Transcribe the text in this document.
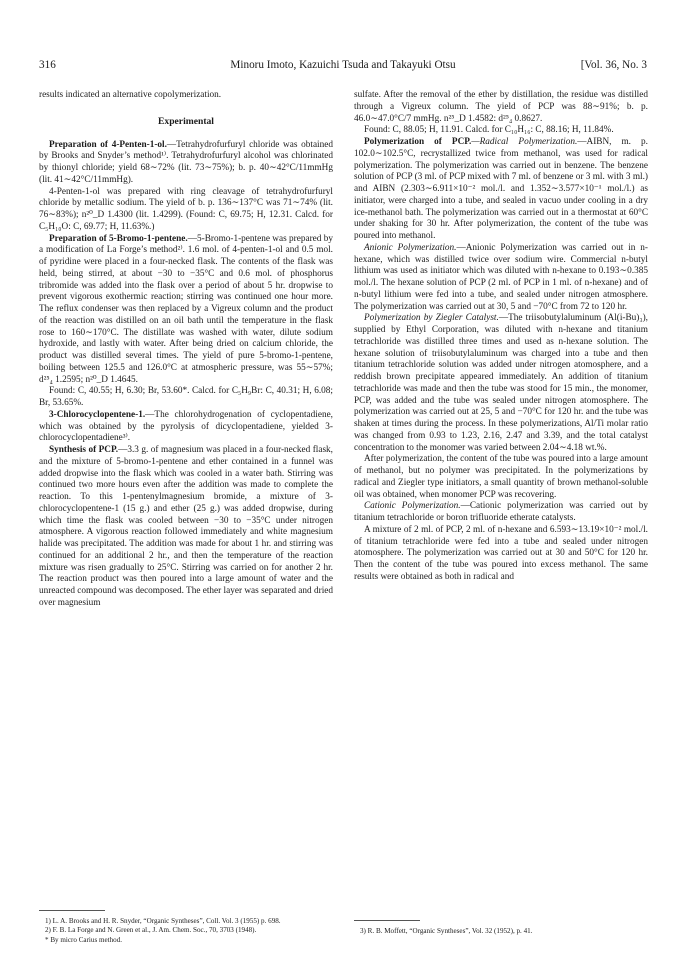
316	Minoru Imoto, Kazuichi Tsuda and Takayuki Otsu	[Vol. 36, No. 3

results indicated an alternative copolymerization.

Experimental

Preparation of 4-Penten-1-ol.—Tetrahydrofurfuryl chloride was obtained by Brooks and Snyder’s method¹⁾. Tetrahydrofurfuryl alcohol was chlorinated by thionyl chloride; yield 68∼72% (lit. 73∼75%); b. p. 40∼42°C/11mmHg (lit. 41∼42°C/11mmHg).

4-Penten-1-ol was prepared with ring cleavage of tetrahydrofurfuryl chloride by metallic sodium. The yield of b. p. 136∼137°C was 71∼74% (lit. 76∼83%); n²⁰_D 1.4300 (lit. 1.4299). (Found: C, 69.75; H, 12.31. Calcd. for C₅H₁₀O: C, 69.77; H, 11.63%.)

Preparation of 5-Bromo-1-pentene.—5-Bromo-1-pentene was prepared by a modification of La Forge’s method²⁾. 1.6 mol. of 4-penten-1-ol and 0.5 mol. of pyridine were placed in a four-necked flask. The contents of the flask was held, being stirred, at about −30 to −35°C and 0.6 mol. of phosphorus tribromide was added into the flask over a period of about 5 hr. dropwise to prevent vigorous exothermic reaction; stirring was continued one hour more. The reflux condenser was then replaced by a Vigreux column and the product of the reaction was distilled on an oil bath until the temperature in the flask rose to 160∼170°C. The distillate was washed with water, dilute sodium hydroxide, and lastly with water. After being dried on calcium chloride, the product was distilled several times. The yield of pure 5-bromo-1-pentene, boiling between 125.5 and 126.0°C at atmospheric pressure, was 55∼57%; d²⁵₄ 1.2595; n²⁰_D 1.4645.

Found: C, 40.55; H, 6.30; Br, 53.60*. Calcd. for C₅H₉Br: C, 40.31; H, 6.08; Br, 53.65%.

3-Chlorocyclopentene-1.—The chlorohydrogenation of cyclopentadiene, which was obtained by the pyrolysis of dicyclopentadiene, yielded 3-chlorocyclopentadiene³⁾.

Synthesis of PCP.—3.3 g. of magnesium was placed in a four-necked flask, and the mixture of 5-bromo-1-pentene and ether contained in a funnel was added dropwise into the flask which was cooled in a water bath. Stirring was continued two more hours even after the addition was made to complete the reaction. To this 1-pentenylmagnesium bromide, a mixture of 3-chlorocyclopentene-1 (15 g.) and ether (25 g.) was added dropwise, during which time the flask was cooled between −30 to −35°C under nitrogen atmosphere. A vigorous reaction followed immediately and white magnesium halide was precipitated. The addition was made for about 1 hr. and stirring was continued for an additional 2 hr., and then the temperature of the reaction mixture was risen gradually to 25°C. Stirring was carried on for another 2 hr. The reaction product was then poured into a large amount of water and the unreacted compound was decomposed. The ether layer was separated and dried over magnesium

1) L. A. Brooks and H. R. Snyder, “Organic Syntheses”, Coll. Vol. 3 (1955) p. 698.
2) F. B. La Forge and N. Green et al., J. Am. Chem. Soc., 70, 3703 (1948).
* By micro Carius method.

sulfate. After the removal of the ether by distillation, the residue was distilled through a Vigreux column. The yield of PCP was 88∼91%; b. p. 46.0∼47.0°C/7 mmHg. n²⁵_D 1.4582: d²⁵₄ 0.8627.

Found: C, 88.05; H, 11.91. Calcd. for C₁₀H₁₆: C, 88.16; H, 11.84%.

Polymerization of PCP.—Radical Polymerization.—AIBN, m. p. 102.0∼102.5°C, recrystallized twice from methanol, was used for radical polymerization. The polymerization was carried out in benzene. The benzene solution of PCP (3 ml. of PCP mixed with 7 ml. of benzene or 3 ml. with 3 ml.) and AIBN (2.303∼6.911×10⁻² mol./l. and 1.352∼3.577×10⁻¹ mol./l.) as initiator, were charged into a tube, and sealed in vacuo under cooling in a dry ice-methanol bath. The polymerization was carried out in a thermostat at 60°C under shaking for 30 hr. After polymerization, the content of the tube was poured into methanol.

Anionic Polymerization.—Anionic Polymerization was carried out in n-hexane, which was distilled twice over sodium wire. Commercial n-butyl lithium was used as initiator which was diluted with n-hexane to 0.193∼0.385 mol./l. The hexane solution of PCP (2 ml. of PCP in 1 ml. of n-hexane) and of n-butyl lithium were fed into a tube, and sealed under nitrogen atmosphere. The polymerization was carried out at 30, 5 and −70°C from 72 to 120 hr.

Polymerization by Ziegler Catalyst.—The triisobutylaluminum (Al(i-Bu)₃), supplied by Ethyl Corporation, was diluted with n-hexane and titanium tetrachloride was distilled three times and used as n-hexane solution. The hexane solution of triisobutylaluminum was charged into a tube and then titanium tetrachloride solution was added under nitrogen atomosphere, and a reddish brown precipitate appeared immediately. An addition of titanium tetrachloride was made and then the tube was stood for 15 min., the monomer, PCP, was added and the tube was sealed under nitrogen atomosphere. The polymerization was carried out at 25, 5 and −70°C for 120 hr. and the tube was shaken at times during the process. In these polymerizations, Al/Ti molar ratio was changed from 0.93 to 1.23, 2.16, 2.47 and 3.39, and the total catalyst concentration to the monomer was varied between 2.04∼4.18 wt.%.

After polymerization, the content of the tube was poured into a large amount of methanol, but no polymer was precipitated. In the polymerizations by radical and Ziegler type initiators, a small quantity of brown methanol-soluble oil was obtained, when monomer PCP was recovering.

Cationic Polymerization.—Cationic polymerization was carried out by titanium tetrachloride or boron trifluoride etherate catalysts.

A mixture of 2 ml. of PCP, 2 ml. of n-hexane and 6.593∼13.19×10⁻² mol./l. of titanium tetrachloride were fed into a tube and sealed under nitrogen atomosphere. The polymerization was carried out at 30 and 50°C for 120 hr. Then the content of the tube was poured into excess methanol. The same results were obtained as both in radical and

3) R. B. Moffett, “Organic Syntheses”, Vol. 32 (1952), p. 41.
